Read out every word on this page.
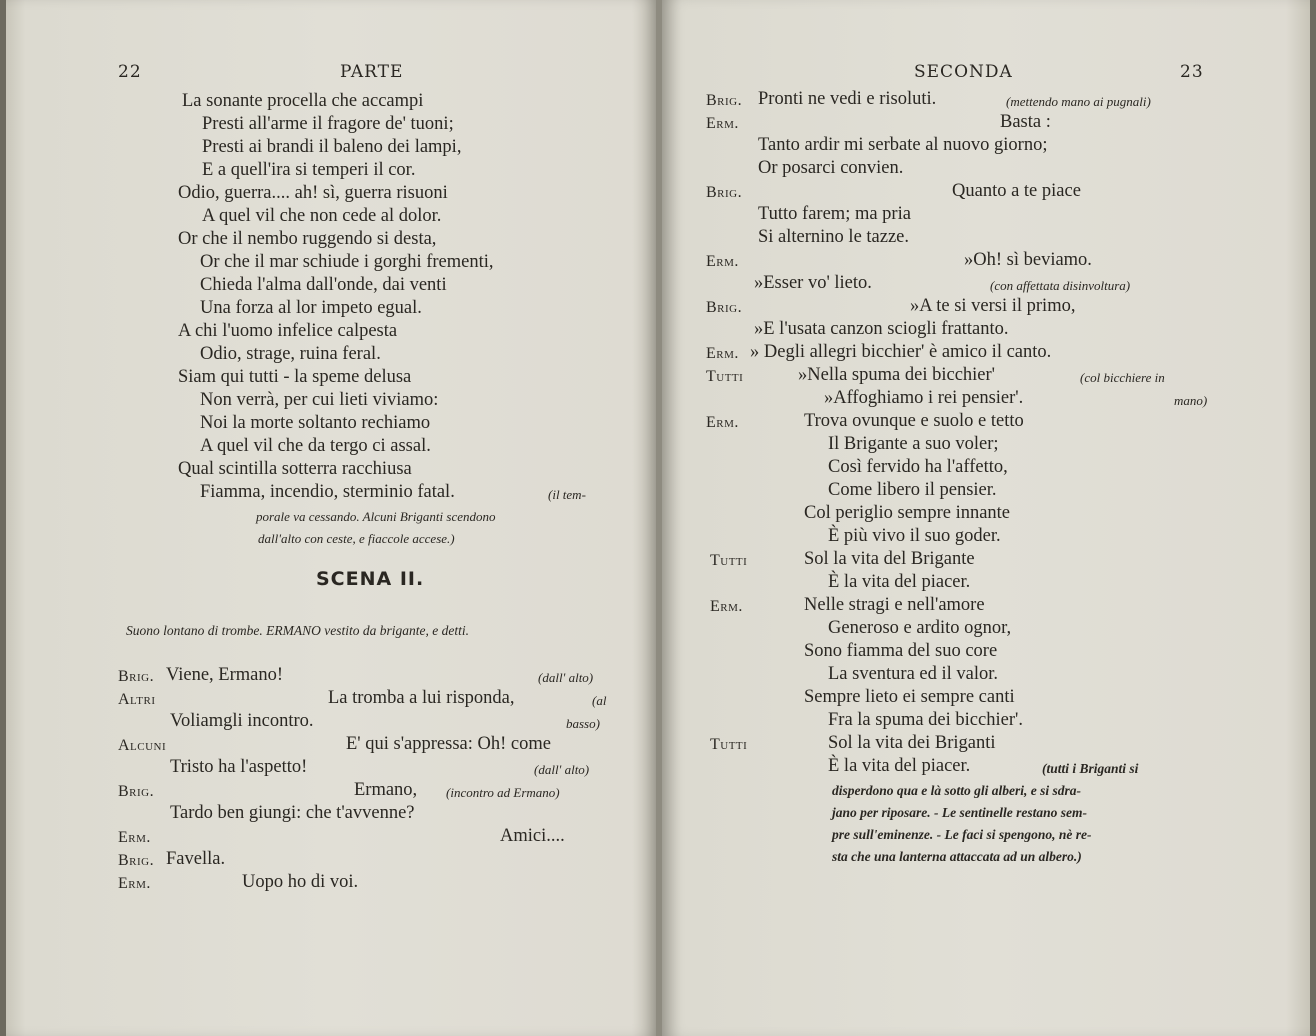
22	PARTE
La sonante procella che accampi
Presti all'arme il fragore de' tuoni;
Presti ai brandi il baleno dei lampi,
E a quell'ira si temperi il cor.
Odio, guerra.... ah! sì, guerra risuoni
A quel vil che non cede al dolor.
Or che il nembo ruggendo si desta,
Or che il mar schiude i gorghi frementi,
Chieda l'alma dall'onde, dai venti
Una forza al lor impeto egual.
A chi l'uomo infelice calpesta
Odio, strage, ruina feral.
Siam qui tutti - la speme delusa
Non verrà, per cui lieti viviamo:
Noi la morte soltanto rechiamo
A quel vil che da tergo ci assal.
Qual scintilla sotterra racchiusa
Fiamma, incendio, sterminio fatal.	(il tem-
porale va cessando. Alcuni Briganti scendono
dall'alto con ceste, e fiaccole accese.)
SCENA II.
Suono lontano di trombe. ERMANO vestito da brigante, e detti.
Brig. Viene, Ermano!	(dall' alto)
Altri	La tromba a lui risponda,	(al
Voliamgli incontro.	basso)
Alcuni	E' qui s'appressa: Oh! come
Tristo ha l'aspetto!	(dall' alto)
Brig.	Ermano, (incontro ad Ermano)
Tardo ben giungi: che t'avvenne?
Erm.	Amici....
Brig. Favella.
Erm.	Uopo ho di voi.
SECONDA	23
Brig. Pronti ne vedi e risoluti.	(mettendo mano ai pugnali)
Erm.	Basta :
Tanto ardir mi serbate al nuovo giorno;
Or posarci convien.
Brig.	Quanto a te piace
Tutto farem; ma pria
Si alternino le tazze.
Erm.	»Oh! sì beviamo.
»Esser vo' lieto.	(con affettata disinvoltura)
Brig.	»A te si versi il primo,
»E l'usata canzon sciogli frattanto.
Erm. » Degli allegri bicchier' è amico il canto.
Tutti	»Nella spuma dei bicchier'	(col bicchiere in
»Affoghiamo i rei pensier'.	mano)
Erm.	Trova ovunque e suolo e tetto
Il Brigante a suo voler;
Così fervido ha l'affetto,
Come libero il pensier.
Col periglio sempre innante
È più vivo il suo goder.
Tutti	Sol la vita del Brigante
È la vita del piacer.
Erm.	Nelle stragi e nell'amore
Generoso e ardito ognor,
Sono fiamma del suo core
La sventura ed il valor.
Sempre lieto ei sempre canti
Fra la spuma dei bicchier'.
Tutti	Sol la vita dei Briganti
È la vita del piacer.	(tutti i Briganti si
disperdono qua e là sotto gli alberi, e si sdra-
jano per riposare. - Le sentinelle restano sem-
pre sull'eminenze. - Le faci si spengono, nè re-
sta che una lanterna attaccata ad un albero.)
